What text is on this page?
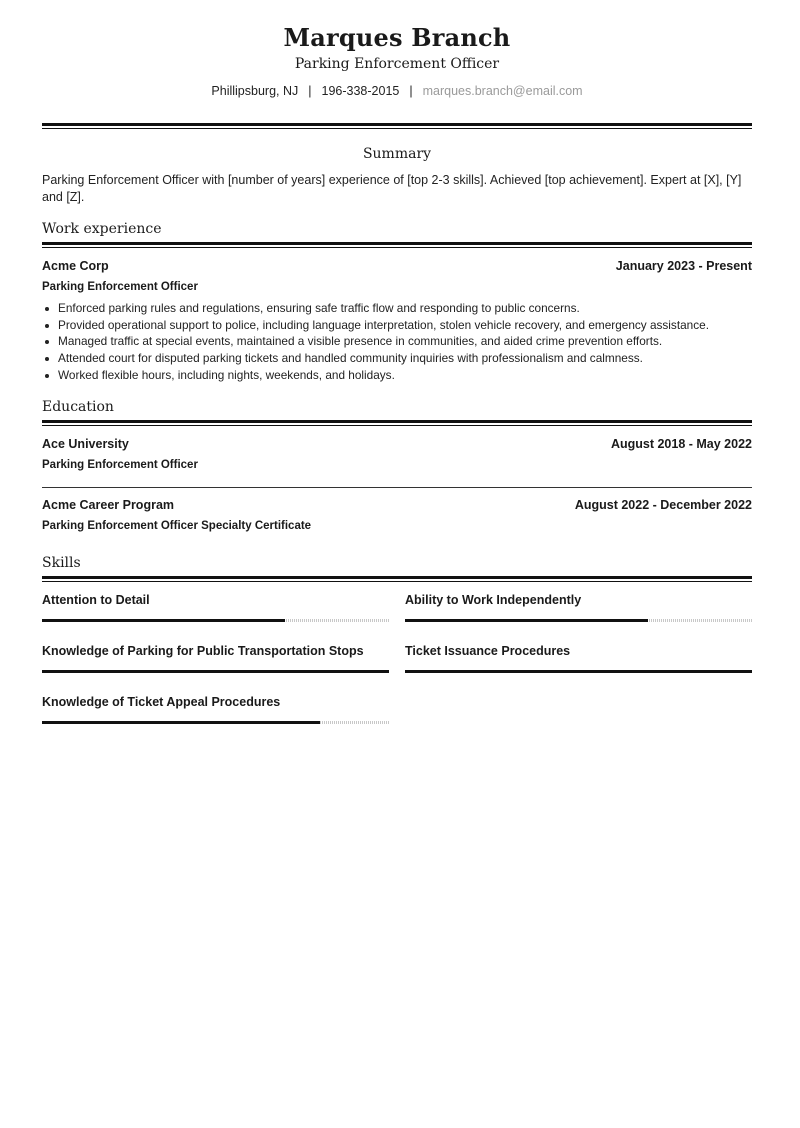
Marques Branch
Parking Enforcement Officer
Phillipsburg, NJ | 196-338-2015 | marques.branch@email.com
Summary
Parking Enforcement Officer with [number of years] experience of [top 2-3 skills]. Achieved [top achievement]. Expert at [X], [Y] and [Z].
Work experience
Acme Corp	January 2023 - Present
Parking Enforcement Officer
Enforced parking rules and regulations, ensuring safe traffic flow and responding to public concerns.
Provided operational support to police, including language interpretation, stolen vehicle recovery, and emergency assistance.
Managed traffic at special events, maintained a visible presence in communities, and aided crime prevention efforts.
Attended court for disputed parking tickets and handled community inquiries with professionalism and calmness.
Worked flexible hours, including nights, weekends, and holidays.
Education
Ace University	August 2018 - May 2022
Parking Enforcement Officer
Acme Career Program	August 2022 - December 2022
Parking Enforcement Officer Specialty Certificate
Skills
Attention to Detail	Ability to Work Independently
Knowledge of Parking for Public Transportation Stops	Ticket Issuance Procedures
Knowledge of Ticket Appeal Procedures
